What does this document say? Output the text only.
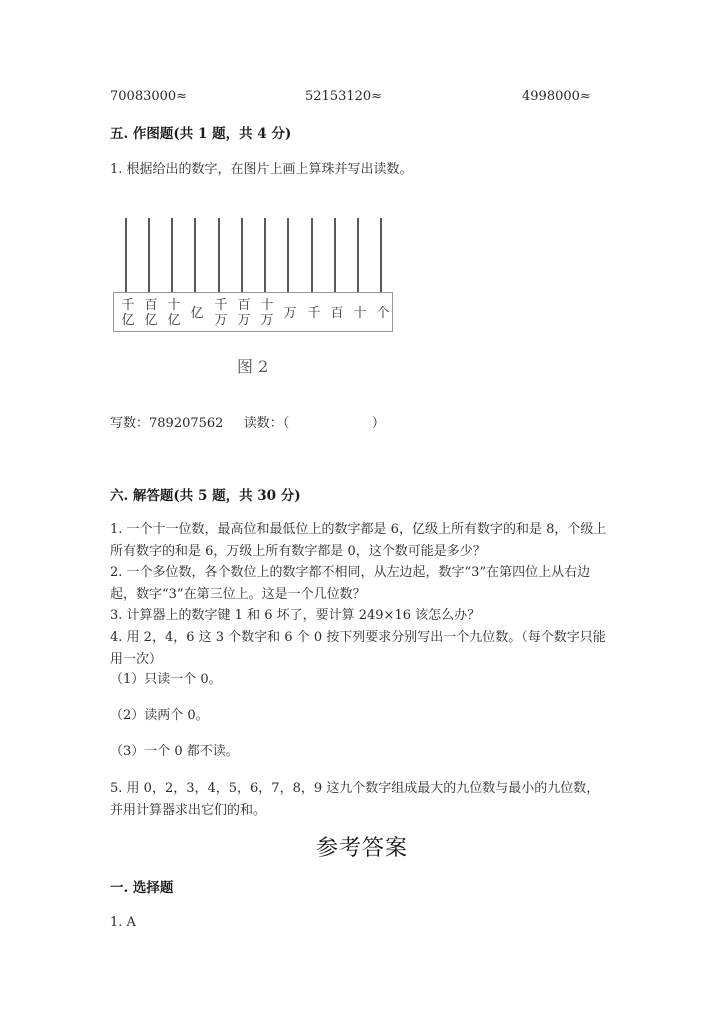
70083000≈	52153120≈	4998000≈
五. 作图题(共 1 题，共 4 分)
1. 根据给出的数字，在图片上画上算珠并写出读数。
千
亿
百
亿
十
亿 亿 千
万
百
万
十
万 万 千 百 十 个
图 2
写数：789207562 读数：（                    ）
六. 解答题(共 5 题，共 30 分)
1. 一个十一位数，最高位和最低位上的数字都是 6，亿级上所有数字的和是 8，个级上所有数字的和是 6，万级上所有数字都是 0，这个数可能是多少？
2. 一个多位数，各个数位上的数字都不相同，从左边起，数字“3”在第四位上从右边起，数字“3”在第三位上。这是一个几位数？
3. 计算器上的数字键 1 和 6 坏了，要计算 249×16 该怎么办？
4. 用 2，4，6 这 3 个数字和 6 个 0 按下列要求分别写出一个九位数。（每个数字只能用一次）
（1）只读一个 0。
（2）读两个 0。
（3）一个 0 都不读。
5. 用 0，2，3，4，5，6，7，8，9 这九个数字组成最大的九位数与最小的九位数，并用计算器求出它们的和。
参考答案
一. 选择题
1. A
